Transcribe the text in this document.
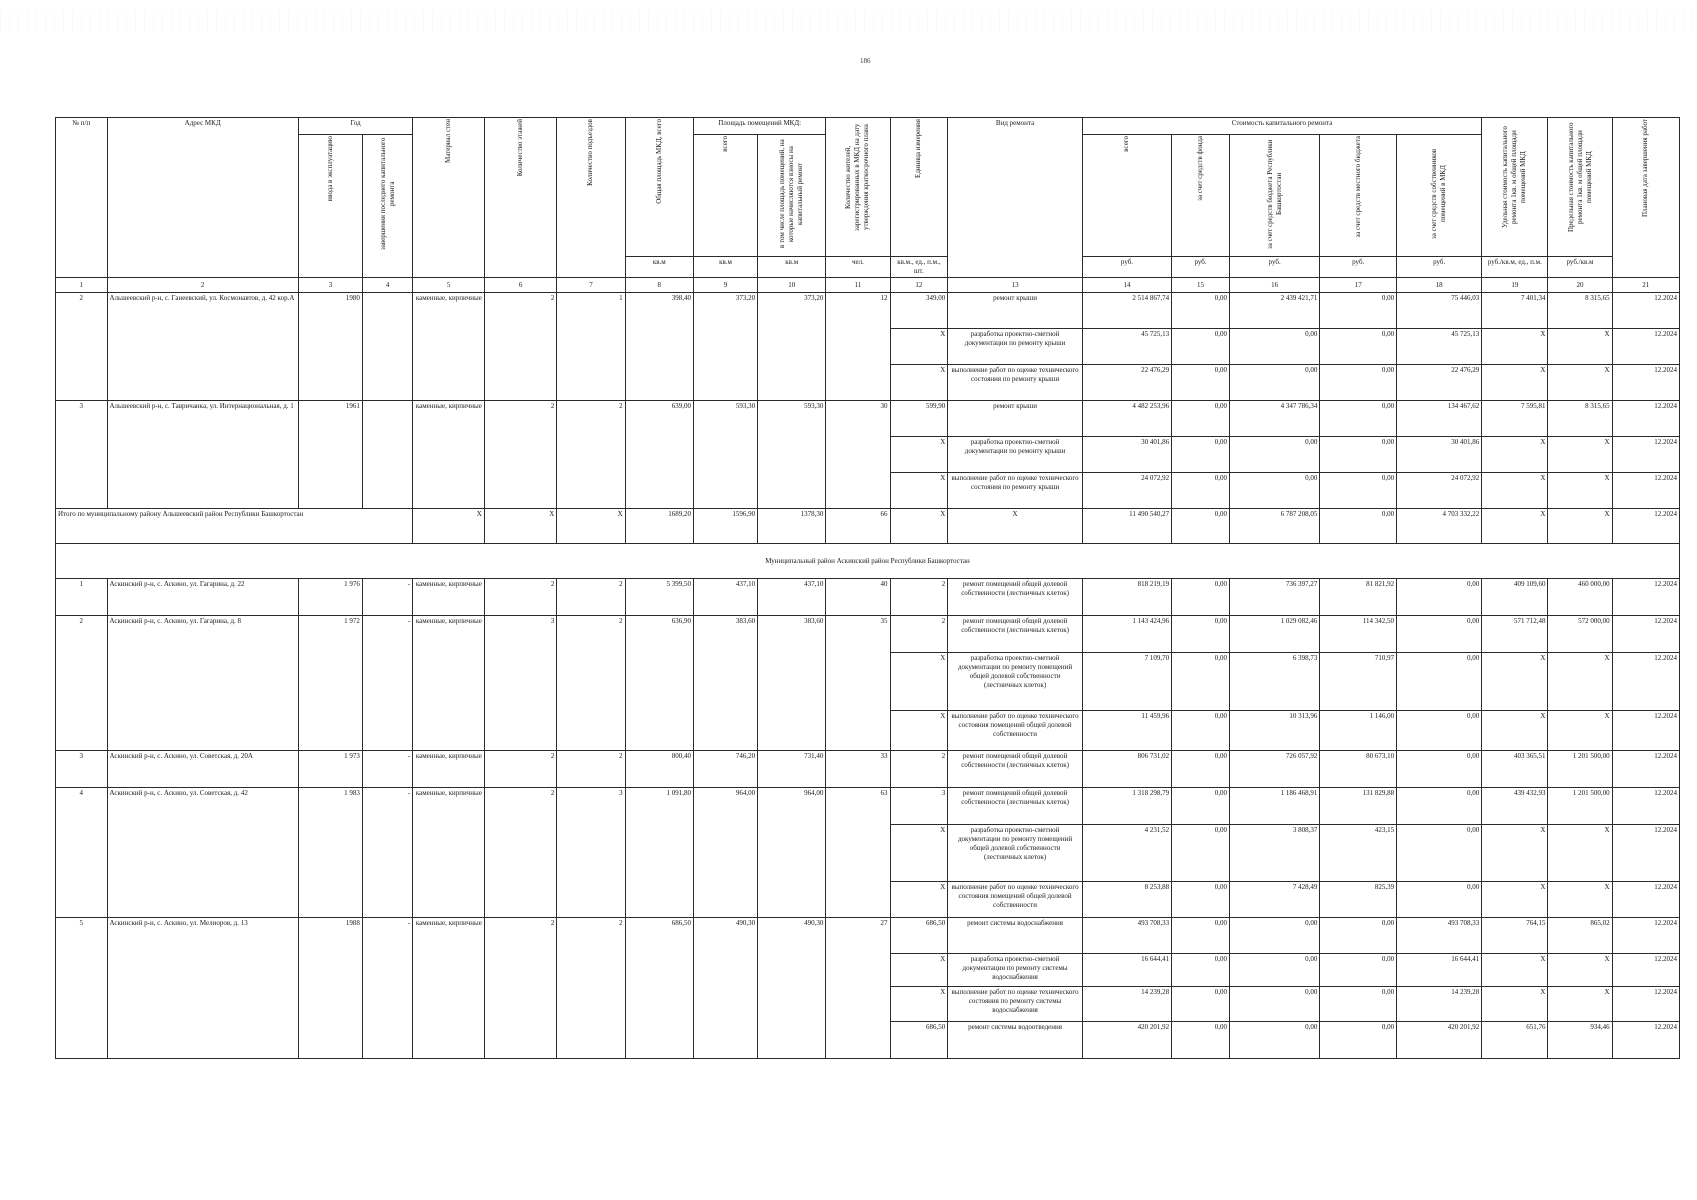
186
№ п/п	Адрес МКД	Год		Материал стен	Количество этажей	Количество подъездов	Общая площадь МКД, всего	Площадь помещений МКД:		Количество жителей, зарегистрированных в МКД на дату утверждения краткосрочного плана	Единица измерения	Вид ремонта	Стоимость капитального ремонта					Удельная стоимость капитального ремонта 1кв. м общей площади помещений МКД	Предельная стоимость капитального ремонта 1кв. м общей площади помещений МКД	Плановая дата завершения работ
		ввода в эксплуатацию	завершения последнего капитального ремонта					всего	в том числе площадь помещений, на которые начисляются взносы на капитальный ремонт				всего	за счет средств фонда	за счет средств бюджета Республики Башкортостан	за счет средств местного бюджета	за счет средств собственников помещений в МКД			
							кв.м	кв.м	кв.м	чел.	кв.м., ед., п.м., шт.		руб.	руб.	руб.	руб.	руб.	руб./кв.м, ед., п.м.	руб./кв.м	
1	2	3	4	5	6	7	8	9	10	11	12	13	14	15	16	17	18	19	20	21
2	Альшеевский р-н, с. Ганеевский, ул. Космонавтов, д. 42 кор.А	1980		каменные, кирпичные	2	1	398,40	373,20	373,20	12	349,00	ремонт крыши	2 514 867,74	0,00	2 439 421,71	0,00	75 446,03	7 401,34	8 315,65	12.2024
											X	разработка проектно-сметной документации по ремонту крыши	45 725,13	0,00	0,00	0,00	45 725,13	X	X	12.2024
											X	выполнение работ по оценке технического состояния по ремонту крыши	22 476,29	0,00	0,00	0,00	22 476,29	X	X	12.2024
3	Альшеевский р-н, с. Тавричанка, ул. Интернациональная, д. 1	1961		каменные, кирпичные	2	2	639,00	593,30	593,30	30	599,90	ремонт крыши	4 482 253,96	0,00	4 347 786,34	0,00	134 467,62	7 595,81	8 315,65	12.2024
											X	разработка проектно-сметной документации по ремонту крыши	30 401,86	0,00	0,00	0,00	30 401,86	X	X	12.2024
											X	выполнение работ по оценке технического состояния по ремонту крыши	24 072,92	0,00	0,00	0,00	24 072,92	X	X	12.2024
Итого по муниципальному району Альшеевский район Республики Башкортостан				X	X	X	1689,20	1596,90	1378,30	66	X	X	11 490 540,27	0,00	6 787 208,05	0,00	4 703 332,22	X	X	12.2024
Муниципальный район Аскинский район Республики Башкортостан																				
1	Аскинский р-н, с. Аскино, ул. Гагарина, д. 22	1 976	-	каменные, кирпичные	2	2	5 399,50	437,10	437,10	40	2	ремонт помещений общей долевой собственности (лестничных клеток)	818 219,19	0,00	736 397,27	81 821,92	0,00	409 109,60	460 000,00	12.2024
2	Аскинский р-н, с. Аскино, ул. Гагарина, д. 8	1 972	-	каменные, кирпичные	3	2	636,90	383,60	383,60	35	2	ремонт помещений общей долевой собственности (лестничных клеток)	1 143 424,96	0,00	1 029 082,46	114 342,50	0,00	571 712,48	572 000,00	12.2024
											X	разработка проектно-сметной документации по ремонту помещений общей долевой собственности (лестничных клеток)	7 109,70	0,00	6 398,73	710,97	0,00	X	X	12.2024
											X	выполнение работ по оценке технического состояния помещений общей долевой собственности	11 459,96	0,00	10 313,96	1 146,00	0,00	X	X	12.2024
3	Аскинский р-н, с. Аскино, ул. Советская, д. 20А	1 973	-	каменные, кирпичные	2	2	800,40	746,20	731,40	33	2	ремонт помещений общей долевой собственности (лестничных клеток)	806 731,02	0,00	726 057,92	80 673,10	0,00	403 365,51	1 201 500,00	12.2024
4	Аскинский р-н, с. Аскино, ул. Советская, д. 42	1 983	-	каменные, кирпичные	2	3	1 091,80	964,00	964,00	63	3	ремонт помещений общей долевой собственности (лестничных клеток)	1 318 298,79	0,00	1 186 468,91	131 829,88	0,00	439 432,93	1 201 500,00	12.2024
											X	разработка проектно-сметной документации по ремонту помещений общей долевой собственности (лестничных клеток)	4 231,52	0,00	3 808,37	423,15	0,00	X	X	12.2024
											X	выполнение работ по оценке технического состояния помещений общей долевой собственности	8 253,88	0,00	7 428,49	825,39	0,00	X	X	12.2024
5	Аскинский р-н, с. Аскино, ул. Мелиоров, д. 13	1988	-	каменные, кирпичные	2	2	686,50	490,30	490,30	27	686,50	ремонт системы водоснабжения	493 708,33	0,00	0,00	0,00	493 708,33	764,15	865,02	12.2024
											X	разработка проектно-сметной документации по ремонту системы водоснабжения	16 644,41	0,00	0,00	0,00	16 644,41	X	X	12.2024
											X	выполнение работ по оценке технического состояния по ремонту системы водоснабжения	14 239,28	0,00	0,00	0,00	14 239,28	X	X	12.2024
											686,50	ремонт системы водоотведения	420 201,92	0,00	0,00	0,00	420 201,92	651,76	934,46	12.2024
